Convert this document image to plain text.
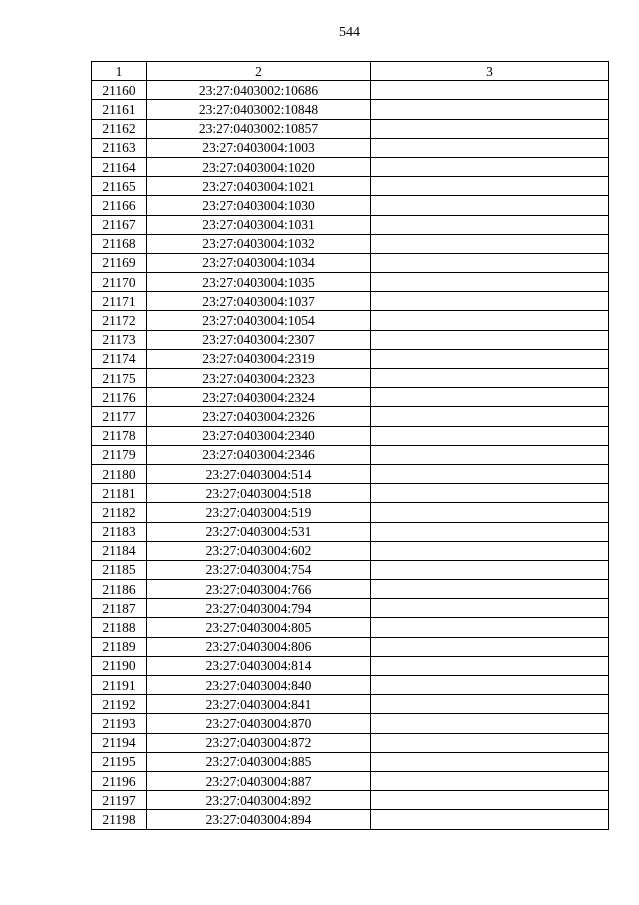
544
1	2	3
21160	23:27:0403002:10686	
21161	23:27:0403002:10848	
21162	23:27:0403002:10857	
21163	23:27:0403004:1003	
21164	23:27:0403004:1020	
21165	23:27:0403004:1021	
21166	23:27:0403004:1030	
21167	23:27:0403004:1031	
21168	23:27:0403004:1032	
21169	23:27:0403004:1034	
21170	23:27:0403004:1035	
21171	23:27:0403004:1037	
21172	23:27:0403004:1054	
21173	23:27:0403004:2307	
21174	23:27:0403004:2319	
21175	23:27:0403004:2323	
21176	23:27:0403004:2324	
21177	23:27:0403004:2326	
21178	23:27:0403004:2340	
21179	23:27:0403004:2346	
21180	23:27:0403004:514	
21181	23:27:0403004:518	
21182	23:27:0403004:519	
21183	23:27:0403004:531	
21184	23:27:0403004:602	
21185	23:27:0403004:754	
21186	23:27:0403004:766	
21187	23:27:0403004:794	
21188	23:27:0403004:805	
21189	23:27:0403004:806	
21190	23:27:0403004:814	
21191	23:27:0403004:840	
21192	23:27:0403004:841	
21193	23:27:0403004:870	
21194	23:27:0403004:872	
21195	23:27:0403004:885	
21196	23:27:0403004:887	
21197	23:27:0403004:892	
21198	23:27:0403004:894	
